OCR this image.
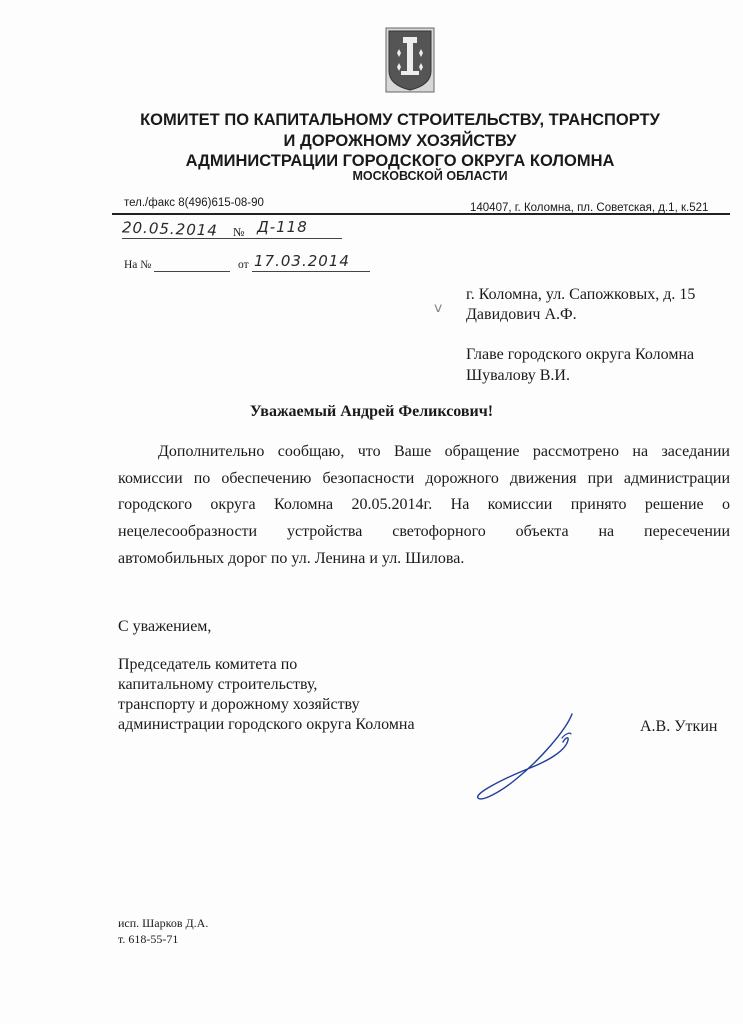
КОМИТЕТ ПО КАПИТАЛЬНОМУ СТРОИТЕЛЬСТВУ, ТРАНСПОРТУ
И ДОРОЖНОМУ ХОЗЯЙСТВУ
АДМИНИСТРАЦИИ ГОРОДСКОГО ОКРУГА КОЛОМНА
МОСКОВСКОЙ ОБЛАСТИ
тел./факс 8(496)615-08-90	140407, г. Коломна, пл. Советская, д.1, к.521
20.05.2014 № Д-118
На №	от 17.03.2014
ⅴ
г. Коломна, ул. Сапожковых, д. 15
Давидович А.Ф.
Главе городского округа Коломна
Шувалову В.И.
Уважаемый Андрей Феликсович!
Дополнительно сообщаю, что Ваше обращение рассмотрено на заседании
комиссии по обеспечению безопасности дорожного движения при администрации
городского округа Коломна 20.05.2014г. На комиссии принято решение о
нецелесообразности устройства светофорного объекта на пересечении
автомобильных дорог по ул. Ленина и ул. Шилова.
С уважением,
Председатель комитета по
капитальному строительству,
транспорту и дорожному хозяйству
администрации городского округа Коломна	А.В. Уткин
исп. Шарков Д.А.
т. 618-55-71
